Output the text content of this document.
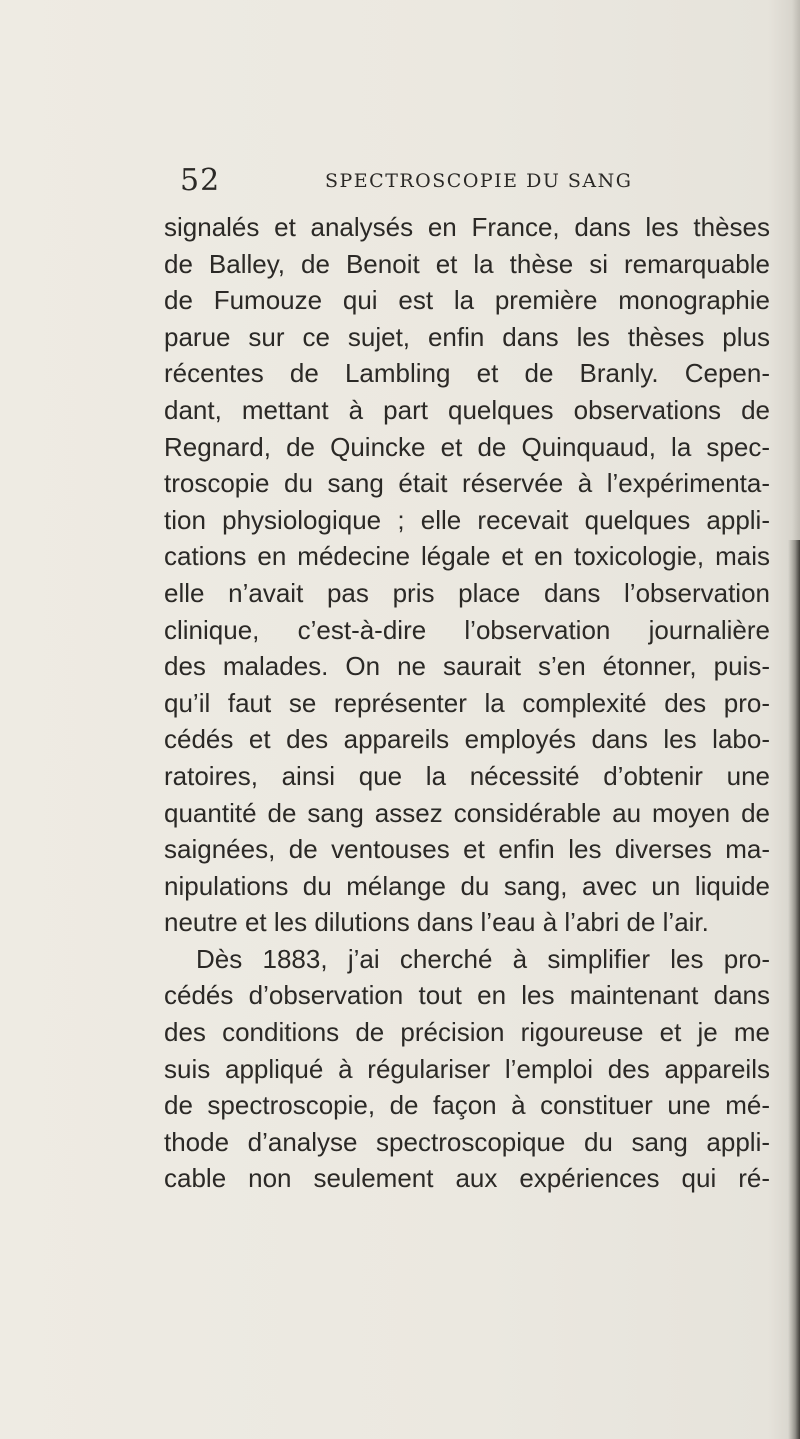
52	SPECTROSCOPIE DU SANG
signalés et analysés en France, dans les thèses
de Balley, de Benoit et la thèse si remarquable
de Fumouze qui est la première monographie
parue sur ce sujet, enfin dans les thèses plus
récentes de Lambling et de Branly. Cepen-
dant, mettant à part quelques observations de
Regnard, de Quincke et de Quinquaud, la spec-
troscopie du sang était réservée à l’expérimenta-
tion physiologique ; elle recevait quelques appli-
cations en médecine légale et en toxicologie, mais
elle n’avait pas pris place dans l’observation
clinique, c’est-à-dire l’observation journalière
des malades. On ne saurait s’en étonner, puis-
qu’il faut se représenter la complexité des pro-
cédés et des appareils employés dans les labo-
ratoires, ainsi que la nécessité d’obtenir une
quantité de sang assez considérable au moyen de
saignées, de ventouses et enfin les diverses ma-
nipulations du mélange du sang, avec un liquide
neutre et les dilutions dans l’eau à l’abri de l’air.
Dès 1883, j’ai cherché à simplifier les pro-
cédés d’observation tout en les maintenant dans
des conditions de précision rigoureuse et je me
suis appliqué à régulariser l’emploi des appareils
de spectroscopie, de façon à constituer une mé-
thode d’analyse spectroscopique du sang appli-
cable non seulement aux expériences qui ré-
